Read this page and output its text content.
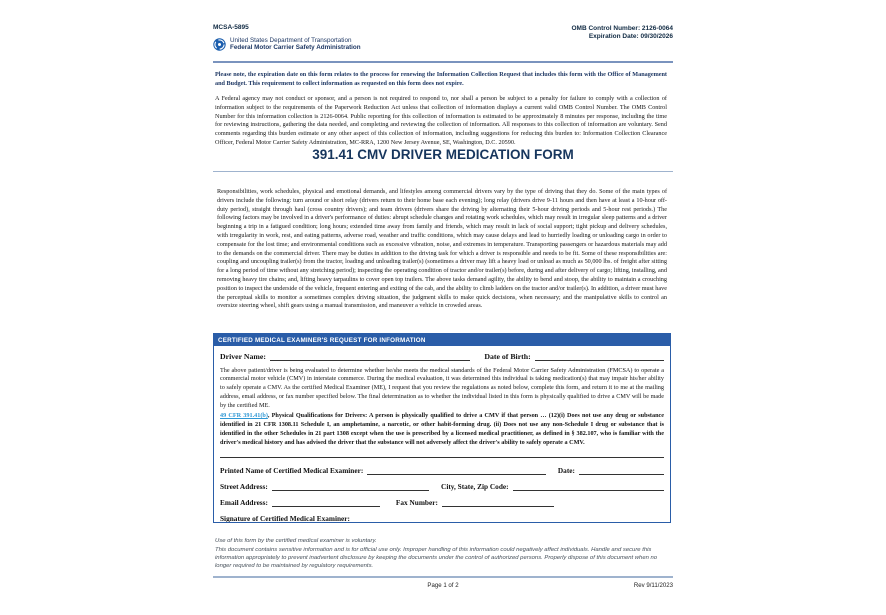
MCSA-5895
United States Department of Transportation
Federal Motor Carrier Safety Administration
OMB Control Number: 2126-0064
Expiration Date: 09/30/2026
Please note, the expiration date on this form relates to the process for renewing the Information Collection Request that includes this form with the Office of Management and Budget. This requirement to collect information as requested on this form does not expire.
A Federal agency may not conduct or sponsor, and a person is not required to respond to, nor shall a person be subject to a penalty for failure to comply with a collection of information subject to the requirements of the Paperwork Reduction Act unless that collection of information displays a current valid OMB Control Number. The OMB Control Number for this information collection is 2126-0064. Public reporting for this collection of information is estimated to be approximately 8 minutes per response, including the time for reviewing instructions, gathering the data needed, and completing and reviewing the collection of information. All responses to this collection of information are voluntary. Send comments regarding this burden estimate or any other aspect of this collection of information, including suggestions for reducing this burden to: Information Collection Clearance Officer, Federal Motor Carrier Safety Administration, MC-RRA, 1200 New Jersey Avenue, SE, Washington, D.C. 20590.
391.41 CMV DRIVER MEDICATION FORM
Responsibilities, work schedules, physical and emotional demands, and lifestyles among commercial drivers vary by the type of driving that they do. Some of the main types of drivers include the following: turn around or short relay (drivers return to their home base each evening); long relay (drivers drive 9-11 hours and then have at least a 10-hour off-duty period), straight through haul (cross country drivers); and team drivers (drivers share the driving by alternating their 5-hour driving periods and 5-hour rest periods.) The following factors may be involved in a driver's performance of duties: abrupt schedule changes and rotating work schedules, which may result in irregular sleep patterns and a driver beginning a trip in a fatigued condition; long hours; extended time away from family and friends, which may result in lack of social support; tight pickup and delivery schedules, with irregularity in work, rest, and eating patterns, adverse road, weather and traffic conditions, which may cause delays and lead to hurriedly loading or unloading cargo in order to compensate for the lost time; and environmental conditions such as excessive vibration, noise, and extremes in temperature. Transporting passengers or hazardous materials may add to the demands on the commercial driver. There may be duties in addition to the driving task for which a driver is responsible and needs to be fit. Some of these responsibilities are: coupling and uncoupling trailer(s) from the tractor, loading and unloading trailer(s) (sometimes a driver may lift a heavy load or unload as much as 50,000 lbs. of freight after sitting for a long period of time without any stretching period); inspecting the operating condition of tractor and/or trailer(s) before, during and after delivery of cargo; lifting, installing, and removing heavy tire chains; and, lifting heavy tarpaulins to cover open top trailers. The above tasks demand agility, the ability to bend and stoop, the ability to maintain a crouching position to inspect the underside of the vehicle, frequent entering and exiting of the cab, and the ability to climb ladders on the tractor and/or trailer(s). In addition, a driver must have the perceptual skills to monitor a sometimes complex driving situation, the judgment skills to make quick decisions, when necessary; and the manipulative skills to control an oversize steering wheel, shift gears using a manual transmission, and maneuver a vehicle in crowded areas.
CERTIFIED MEDICAL EXAMINER'S REQUEST FOR INFORMATION
Driver Name:	Date of Birth:
The above patient/driver is being evaluated to determine whether he/she meets the medical standards of the Federal Motor Carrier Safety Administration (FMCSA) to operate a commercial motor vehicle (CMV) in interstate commerce. During the medical evaluation, it was determined this individual is taking medication(s) that may impair his/her ability to safely operate a CMV. As the certified Medical Examiner (ME), I request that you review the regulations as noted below, complete this form, and return it to me at the mailing address, email address, or fax number specified below. The final determination as to whether the individual listed in this form is physically qualified to drive a CMV will be made by the certified ME.
49 CFR 391.41(b), Physical Qualifications for Drivers: A person is physically qualified to drive a CMV if that person … (12)(i) Does not use any drug or substance identified in 21 CFR 1308.11 Schedule I, an amphetamine, a narcotic, or other habit-forming drug. (ii) Does not use any non-Schedule I drug or substance that is identified in the other Schedules in 21 part 1308 except when the use is prescribed by a licensed medical practitioner, as defined in § 382.107, who is familiar with the driver's medical history and has advised the driver that the substance will not adversely affect the driver's ability to safely operate a CMV.
Printed Name of Certified Medical Examiner:	Date:
Street Address:	City, State, Zip Code:
Email Address:	Fax Number:
Signature of Certified Medical Examiner:
Use of this form by the certified medical examiner is voluntary.
This document contains sensitive information and is for official use only. Improper handling of this information could negatively affect individuals. Handle and secure this information appropriately to prevent inadvertent disclosure by keeping the documents under the control of authorized persons. Properly dispose of this document when no longer required to be maintained by regulatory requirements.
Page 1 of 2	Rev 9/11/2023
